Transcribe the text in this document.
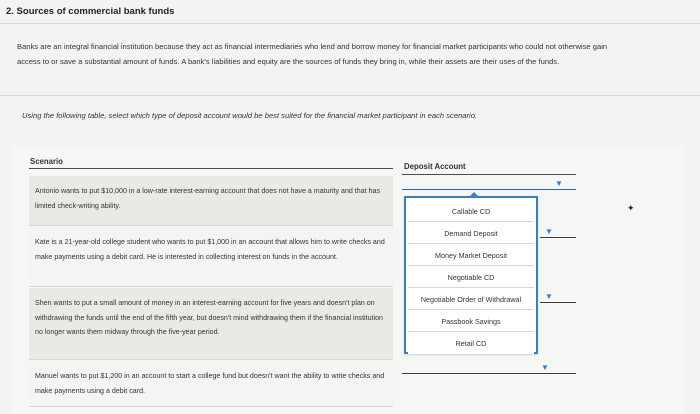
2. Sources of commercial bank funds
Banks are an integral financial institution because they act as financial intermediaries who lend and borrow money for financial market participants who could not otherwise gain access to or save a substantial amount of funds. A bank's liabilities and equity are the sources of funds they bring in, while their assets are their uses of the funds.
Using the following table, select which type of deposit account would be best suited for the financial market participant in each scenario.
Scenario
Deposit Account
Antonio wants to put $10,000 in a low-rate interest-earning account that does not have a maturity and that has limited check-writing ability.
▼
Kate is a 21-year-old college student who wants to put $1,000 in an account that allows him to write checks and make payments using a debit card. He is interested in collecting interest on funds in the account.
▼
Shen wants to put a small amount of money in an interest-earning account for five years and doesn't plan on withdrawing the funds until the end of the fifth year, but doesn't mind withdrawing them if the financial institution no longer wants them midway through the five-year period.
▼
Manuel wants to put $1,200 in an account to start a college fund but doesn't want the ability to write checks and make payments using a debit card.
▼
Callable CD
Demand Deposit
Money Market Deposit
Negotiable CD
Negotiable Order of Withdrawal
Passbook Savings
Retail CD
✦
